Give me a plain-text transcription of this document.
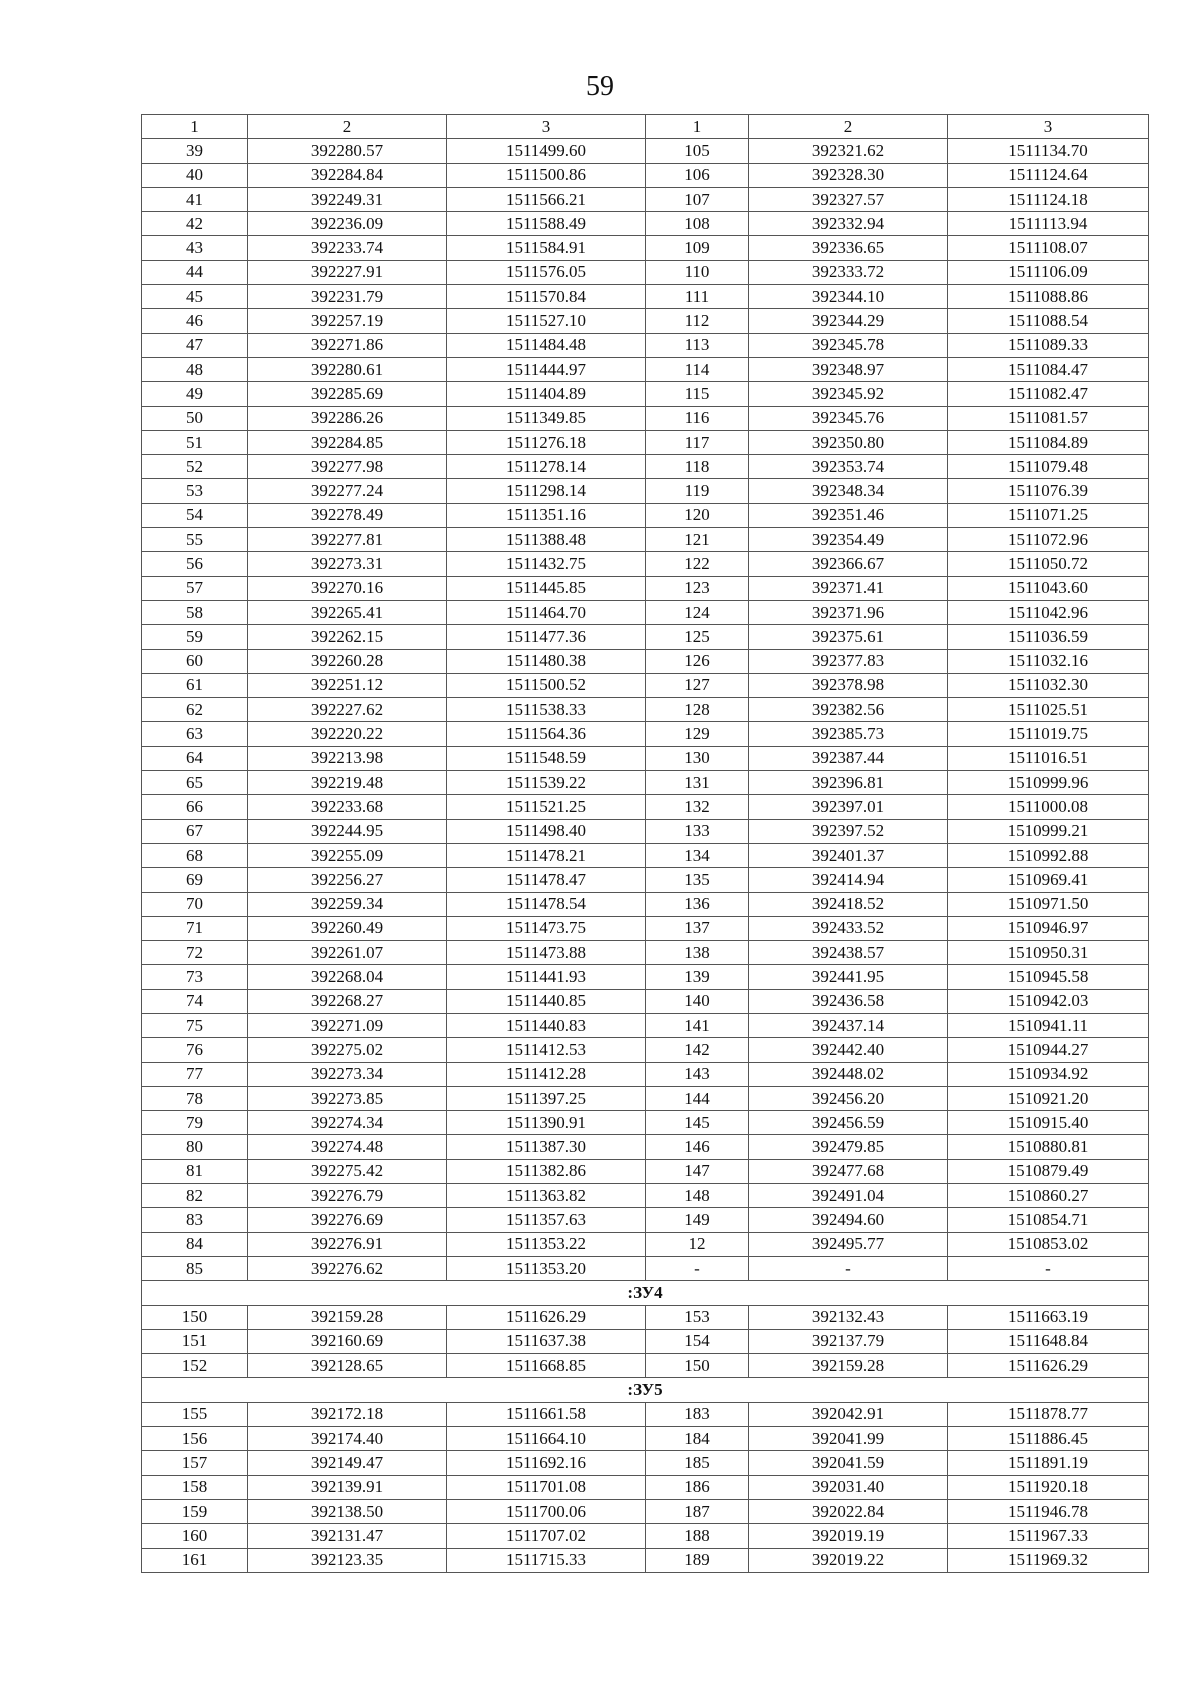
59
1	2	3	1	2	3
39	392280.57	1511499.60	105	392321.62	1511134.70
40	392284.84	1511500.86	106	392328.30	1511124.64
41	392249.31	1511566.21	107	392327.57	1511124.18
42	392236.09	1511588.49	108	392332.94	1511113.94
43	392233.74	1511584.91	109	392336.65	1511108.07
44	392227.91	1511576.05	110	392333.72	1511106.09
45	392231.79	1511570.84	111	392344.10	1511088.86
46	392257.19	1511527.10	112	392344.29	1511088.54
47	392271.86	1511484.48	113	392345.78	1511089.33
48	392280.61	1511444.97	114	392348.97	1511084.47
49	392285.69	1511404.89	115	392345.92	1511082.47
50	392286.26	1511349.85	116	392345.76	1511081.57
51	392284.85	1511276.18	117	392350.80	1511084.89
52	392277.98	1511278.14	118	392353.74	1511079.48
53	392277.24	1511298.14	119	392348.34	1511076.39
54	392278.49	1511351.16	120	392351.46	1511071.25
55	392277.81	1511388.48	121	392354.49	1511072.96
56	392273.31	1511432.75	122	392366.67	1511050.72
57	392270.16	1511445.85	123	392371.41	1511043.60
58	392265.41	1511464.70	124	392371.96	1511042.96
59	392262.15	1511477.36	125	392375.61	1511036.59
60	392260.28	1511480.38	126	392377.83	1511032.16
61	392251.12	1511500.52	127	392378.98	1511032.30
62	392227.62	1511538.33	128	392382.56	1511025.51
63	392220.22	1511564.36	129	392385.73	1511019.75
64	392213.98	1511548.59	130	392387.44	1511016.51
65	392219.48	1511539.22	131	392396.81	1510999.96
66	392233.68	1511521.25	132	392397.01	1511000.08
67	392244.95	1511498.40	133	392397.52	1510999.21
68	392255.09	1511478.21	134	392401.37	1510992.88
69	392256.27	1511478.47	135	392414.94	1510969.41
70	392259.34	1511478.54	136	392418.52	1510971.50
71	392260.49	1511473.75	137	392433.52	1510946.97
72	392261.07	1511473.88	138	392438.57	1510950.31
73	392268.04	1511441.93	139	392441.95	1510945.58
74	392268.27	1511440.85	140	392436.58	1510942.03
75	392271.09	1511440.83	141	392437.14	1510941.11
76	392275.02	1511412.53	142	392442.40	1510944.27
77	392273.34	1511412.28	143	392448.02	1510934.92
78	392273.85	1511397.25	144	392456.20	1510921.20
79	392274.34	1511390.91	145	392456.59	1510915.40
80	392274.48	1511387.30	146	392479.85	1510880.81
81	392275.42	1511382.86	147	392477.68	1510879.49
82	392276.79	1511363.82	148	392491.04	1510860.27
83	392276.69	1511357.63	149	392494.60	1510854.71
84	392276.91	1511353.22	12	392495.77	1510853.02
85	392276.62	1511353.20	-	-	-
:ЗУ4					
150	392159.28	1511626.29	153	392132.43	1511663.19
151	392160.69	1511637.38	154	392137.79	1511648.84
152	392128.65	1511668.85	150	392159.28	1511626.29
:ЗУ5					
155	392172.18	1511661.58	183	392042.91	1511878.77
156	392174.40	1511664.10	184	392041.99	1511886.45
157	392149.47	1511692.16	185	392041.59	1511891.19
158	392139.91	1511701.08	186	392031.40	1511920.18
159	392138.50	1511700.06	187	392022.84	1511946.78
160	392131.47	1511707.02	188	392019.19	1511967.33
161	392123.35	1511715.33	189	392019.22	1511969.32
